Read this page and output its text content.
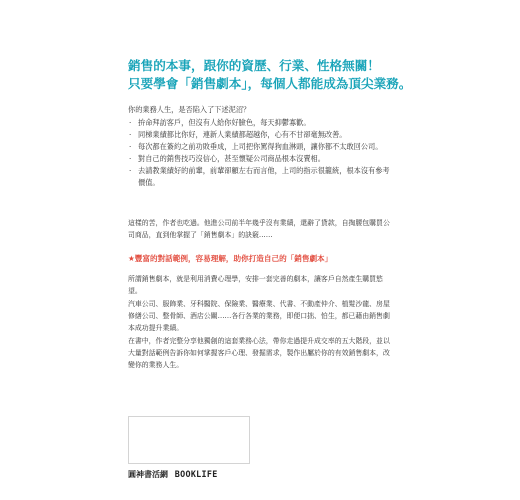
銷售的本事，跟你的資歷、行業、性格無關！
只要學會「銷售劇本」，每個人都能成為頂尖業務。
你的業務人生，是否陷入了下述泥沼？
· 拚命拜訪客戶，但沒有人給你好臉色，每天抑鬱寡歡。
· 同梯業績都比你好，連新人業績都超越你，心有不甘卻毫無改善。
· 每次都在簽約之前功敗垂成，上司把你罵得狗血淋頭，讓你都不太敢回公司。
· 對自己的銷售技巧沒信心，甚至懷疑公司商品根本沒賣相。
· 去請教業績好的前輩，前輩卻顧左右而言他，上司的指示很籠統，根本沒有參考價值。
這樣的苦，作者也吃過。他進公司前半年幾乎沒有業績，還辭了貸款，自掏腰包購買公司商品，直到他掌握了「銷售劇本」的訣竅……
★豐富的對話範例，容易理解，助你打造自己的「銷售劇本」

所謂銷售劇本，就是利用消費心理學，安排一套完善的劇本，讓客戶自然產生購買慾望。

汽車公司、服飾業、牙科醫院、保險業、醫療業、代書、不動產仲介、植髮沙龍、房屋修繕公司、整骨師、酒店公關……各行各業的業務，即便口拙、怕生，都已藉由銷售劇本成功提升業績。

在書中，作者完整分享他獨創的這套業務心法，帶你走過提升成交率的五大階段，並以大量對話範例告訴你如何掌握客戶心理、發掘需求，製作出屬於你的有效銷售劇本，改變你的業務人生。

圓神書活網 BOOKLIFE
